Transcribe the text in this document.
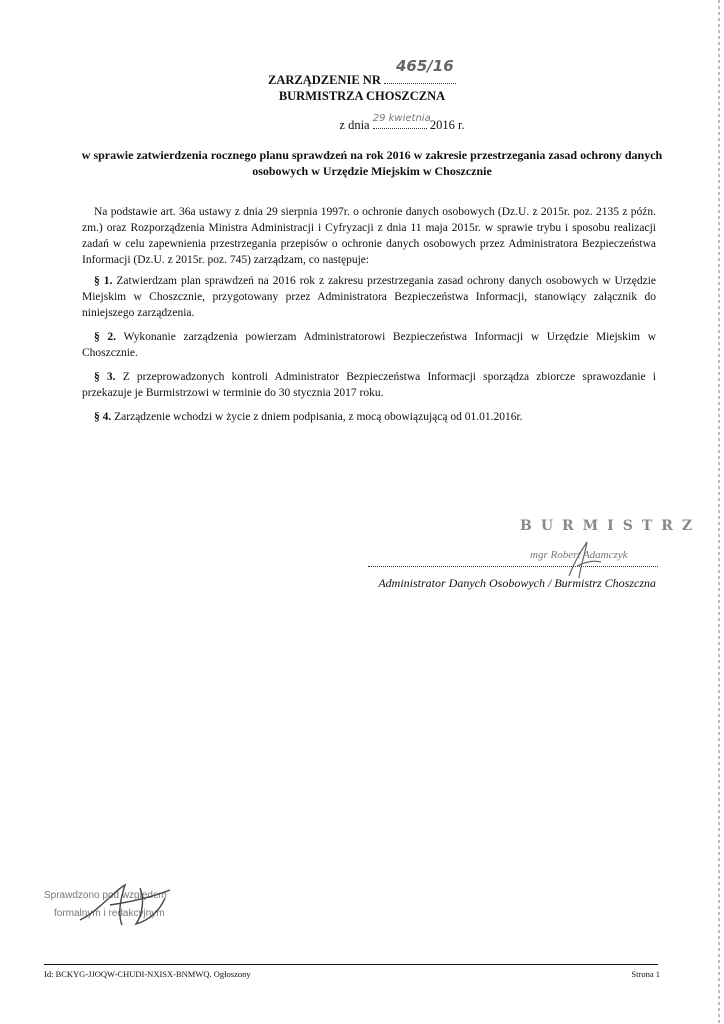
ZARZĄDZENIE NR
465/16
BURMISTRZA CHOSZCZNA
z dnia 29 kwietnia 2016 r.
w sprawie zatwierdzenia rocznego planu sprawdzeń na rok 2016 w zakresie przestrzegania zasad ochrony danych osobowych w Urzędzie Miejskim w Choszcznie

Na podstawie art. 36a ustawy z dnia 29 sierpnia 1997r. o ochronie danych osobowych (Dz.U. z 2015r. poz. 2135 z późn. zm.) oraz Rozporządzenia Ministra Administracji i Cyfryzacji z dnia 11 maja 2015r. w sprawie trybu i sposobu realizacji zadań w celu zapewnienia przestrzegania przepisów o ochronie danych osobowych przez Administratora Bezpieczeństwa Informacji (Dz.U. z 2015r. poz. 745) zarządzam, co następuje:

§ 1. Zatwierdzam plan sprawdzeń na 2016 rok z zakresu przestrzegania zasad ochrony danych osobowych w Urzędzie Miejskim w Choszcznie, przygotowany przez Administratora Bezpieczeństwa Informacji, stanowiący załącznik do niniejszego zarządzenia.

§ 2. Wykonanie zarządzenia powierzam Administratorowi Bezpieczeństwa Informacji w Urzędzie Miejskim w Choszcznie.

§ 3. Z przeprowadzonych kontroli Administrator Bezpieczeństwa Informacji sporządza zbiorcze sprawozdanie i przekazuje je Burmistrzowi w terminie do 30 stycznia 2017 roku.

§ 4. Zarządzenie wchodzi w życie z dniem podpisania, z mocą obowiązującą od 01.01.2016r.

BURMISTRZ
mgr Robert Adamczyk
Administrator Danych Osobowych / Burmistrz Choszczna
Sprawdzono pod względem
formalnym i redakcyjnym
Id: BCKYG-JJOQW-CHUDI-NXISX-BNMWQ. Ogłoszony	Strona 1
